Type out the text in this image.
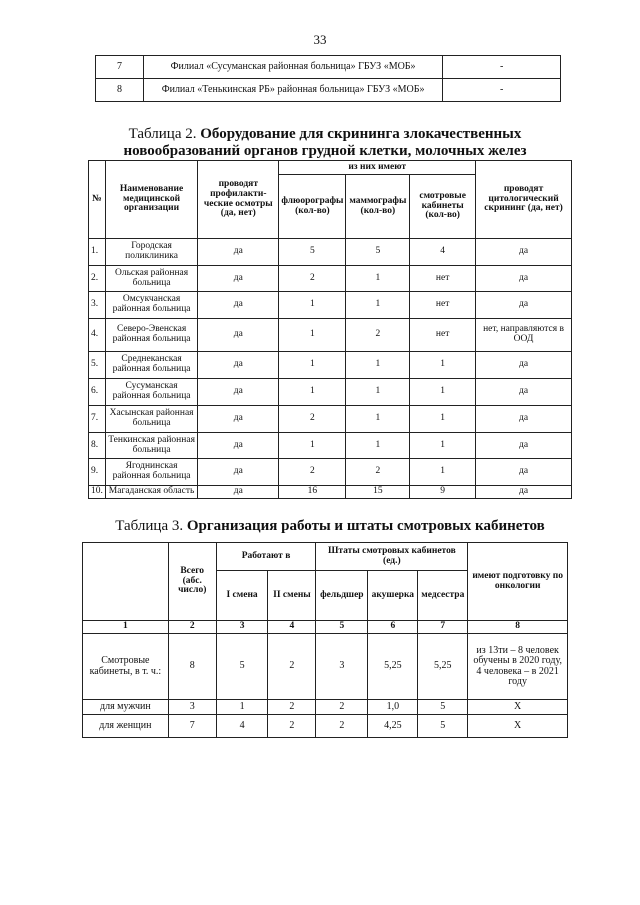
33
7	Филиал «Сусуманская районная больница» ГБУЗ «МОБ»	-
8	Филиал «Тенькинская РБ» районная больница» ГБУЗ «МОБ»	-
Таблица 2. Оборудование для скрининга злокачественных новообразований органов грудной клетки, молочных желез
№	Наименование медицинской организации	проводят профилакти-ческие осмотры (да, нет)	из них имеют			проводят цитологический скрининг (да, нет)
			флюорографы (кол-во)	маммографы (кол-во)	смотровые кабинеты (кол-во)	
1.	Городская поликлиника	да	5	5	4	да
2.	Ольская районная больница	да	2	1	нет	да
3.	Омсукчанская районная больница	да	1	1	нет	да
4.	Северо-Эвенская районная больница	да	1	2	нет	нет, направляются в ООД
5.	Среднеканская районная больница	да	1	1	1	да
6.	Сусуманская районная больница	да	1	1	1	да
7.	Хасынская районная больница	да	2	1	1	да
8.	Тенкинская районная больница	да	1	1	1	да
9.	Ягоднинская районная больница	да	2	2	1	да
10.	Магаданская область	да	16	15	9	да
Таблица 3. Организация работы и штаты смотровых кабинетов
	Всего (абс. число)	Работают в		Штаты смотровых кабинетов (ед.)			имеют подготовку по онкологии
		I смена	II смены	фельдшер	акушерка	медсестра	
1	2	3	4	5	6	7	8
Смотровые кабинеты, в т. ч.:	8	5	2	3	5,25	5,25	из 13ти – 8 человек обучены в 2020 году, 4 человека – в 2021 году
для мужчин	3	1	2	2	1,0	5	Х
для женщин	7	4	2	2	4,25	5	Х
